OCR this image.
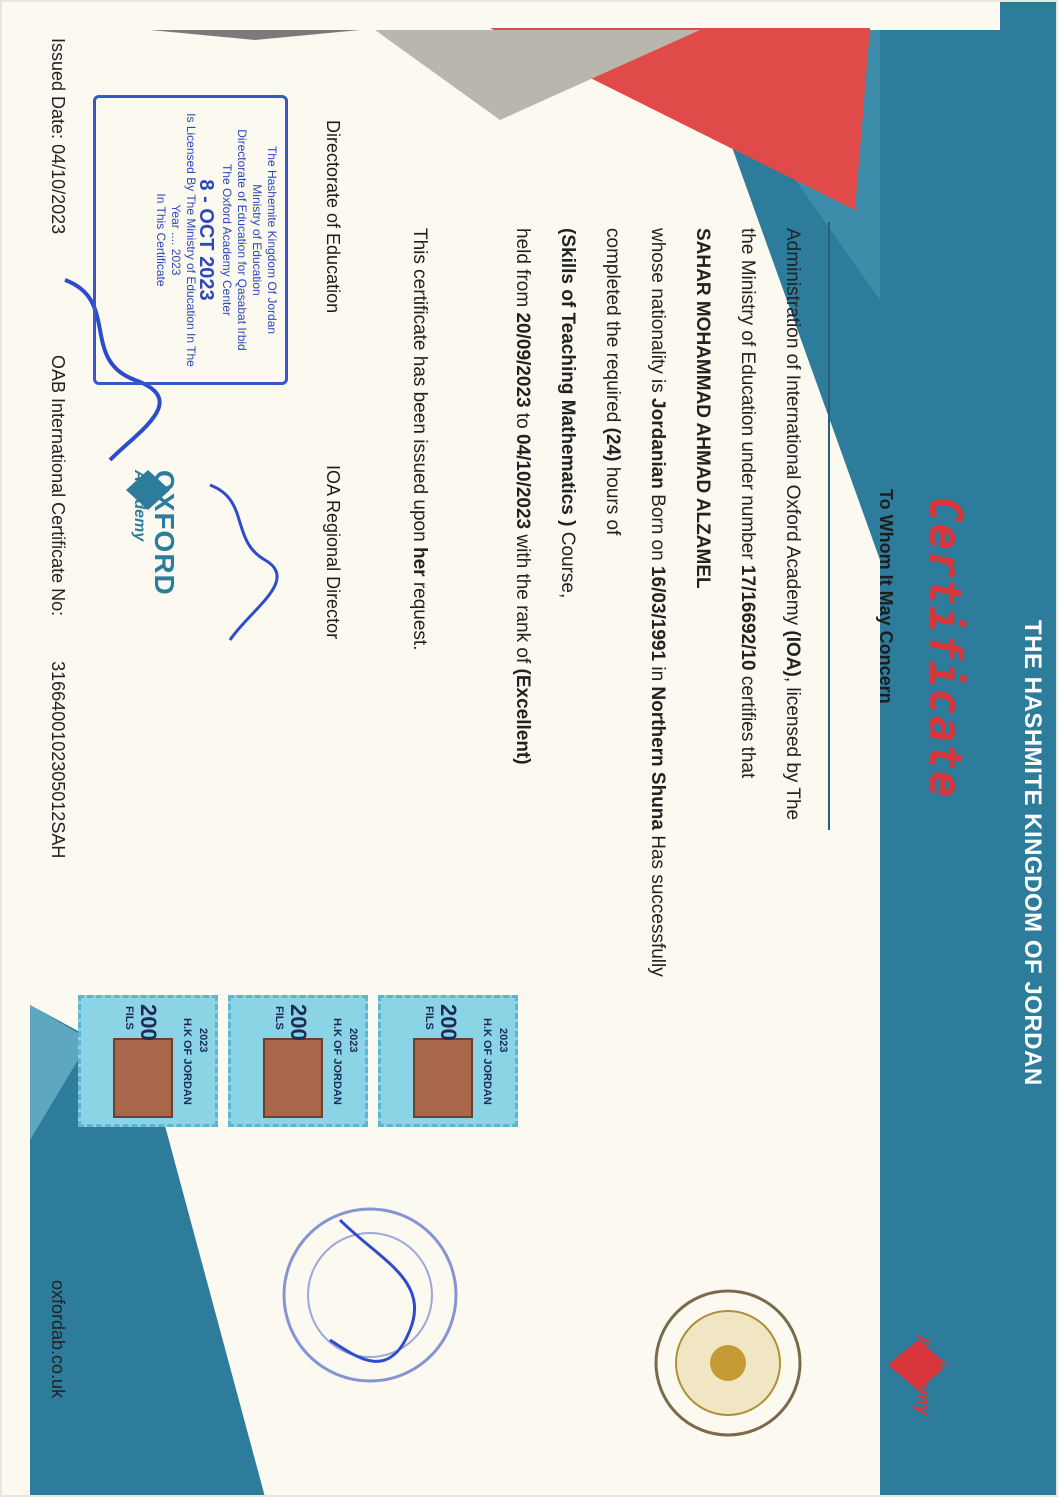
THE HASHMITE KINGDOM OF JORDAN
OXFORD
Academy
Certificate
To Whom It May Concern
Administration of International Oxford Academy (IOA), licensed by The
the Ministry of Education under number 17/16692/10 certifies that
SAHAR MOHAMMAD AHMAD ALZAMEL
whose nationality is Jordanian Born on 16/03/1991 in Northern Shuna Has successfully
completed the required (24) hours of
(Skills of Teaching Mathematics ) Course,
held from 20/09/2023 to 04/10/2023 with the rank of (Excellent)
This certificate has been issued upon her request.
Directorate of Education
IOA Regional Director
OXFORD
Academy
Issued Date: 04/10/2023
OAB International Certificate No: 3166400102305012SAH
oxfordab.co.uk
The Hashemite Kingdom Of Jordan
Ministry of Education
Directorate of Education for Qasabat Irbid
The Oxford Academy Center
8 - OCT 2023
Is Licensed By The Ministry of Education In The
Year .... 2023
In This Certificate
2023
H.K OF JORDAN
200
FILS
2023
H.K OF JORDAN
200
FILS
2023
H.K OF JORDAN
200
FILS
